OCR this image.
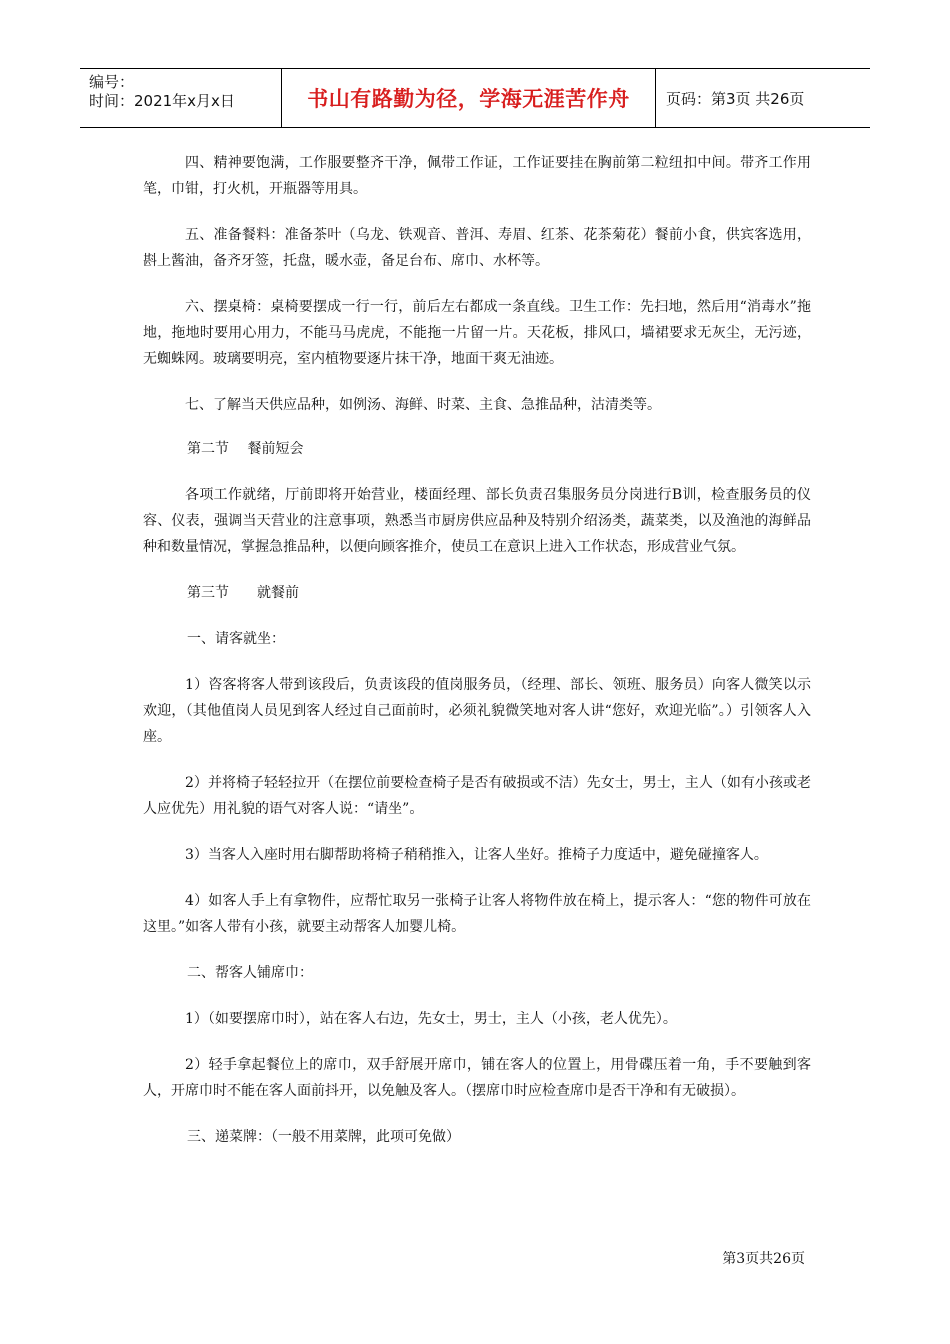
编号：
时间：2021年x月x日	书山有路勤为径，学海无涯苦作舟	页码：第3页 共26页

四、精神要饱满，工作服要整齐干净，佩带工作证，工作证要挂在胸前第二粒纽扣中间。带齐工作用笔，巾钳，打火机，开瓶器等用具。

五、准备餐料：准备茶叶（乌龙、铁观音、普洱、寿眉、红茶、花茶菊花）餐前小食，供宾客选用，斟上酱油，备齐牙签，托盘，暖水壶，备足台布、席巾、水杯等。

六、摆桌椅：桌椅要摆成一行一行，前后左右都成一条直线。卫生工作：先扫地，然后用“消毒水”拖地，拖地时要用心用力，不能马马虎虎，不能拖一片留一片。天花板，排风口，墙裙要求无灰尘，无污迹，无蜘蛛网。玻璃要明亮，室内植物要逐片抹干净，地面干爽无油迹。

七、了解当天供应品种，如例汤、海鲜、时菜、主食、急推品种，沽清类等。

第二节　 餐前短会

各项工作就绪，厅前即将开始营业，楼面经理、部长负责召集服务员分岗进行B训，检查服务员的仪容、仪表，强调当天营业的注意事项，熟悉当市厨房供应品种及特别介绍汤类，蔬菜类，以及渔池的海鲜品种和数量情况，掌握急推品种，以便向顾客推介，使员工在意识上进入工作状态，形成营业气氛。

第三节　　就餐前
一、请客就坐：

1）咨客将客人带到该段后，负责该段的值岗服务员，（经理、部长、领班、服务员）向客人微笑以示欢迎，（其他值岗人员见到客人经过自己面前时，必须礼貌微笑地对客人讲“您好，欢迎光临”。）引领客人入座。

2）并将椅子轻轻拉开（在摆位前要检查椅子是否有破损或不洁）先女士，男士，主人（如有小孩或老人应优先）用礼貌的语气对客人说：“请坐”。

3）当客人入座时用右脚帮助将椅子稍稍推入，让客人坐好。推椅子力度适中，避免碰撞客人。

4）如客人手上有拿物件，应帮忙取另一张椅子让客人将物件放在椅上，提示客人：“您的物件可放在这里。”如客人带有小孩，就要主动帮客人加婴儿椅。

二、帮客人铺席巾：

1）（如要摆席巾时），站在客人右边，先女士，男士，主人（小孩，老人优先）。

2）轻手拿起餐位上的席巾，双手舒展开席巾，铺在客人的位置上，用骨碟压着一角，手不要触到客人，开席巾时不能在客人面前抖开，以免触及客人。（摆席巾时应检查席巾是否干净和有无破损）。

三、递菜牌：（一般不用菜牌，此项可免做）
第3页共26页
